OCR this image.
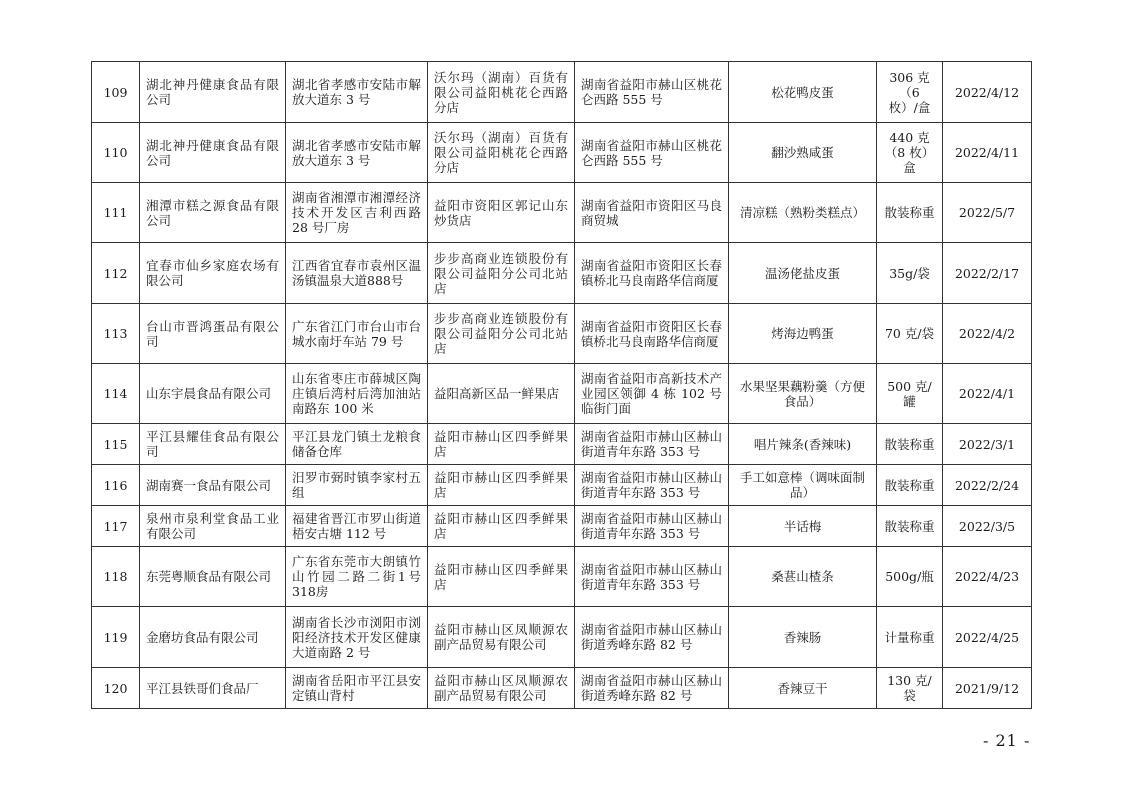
109	湖北神丹健康食品有限公司	湖北省孝感市安陆市解放大道东 3 号	沃尔玛（湖南）百货有限公司益阳桃花仑西路分店	湖南省益阳市赫山区桃花仑西路 555 号	松花鸭皮蛋	306 克（6 枚）/盒	2022/4/12
110	湖北神丹健康食品有限公司	湖北省孝感市安陆市解放大道东 3 号	沃尔玛（湖南）百货有限公司益阳桃花仑西路分店	湖南省益阳市赫山区桃花仑西路 555 号	翻沙熟咸蛋	440 克（8 枚）盒	2022/4/11
111	湘潭市糕之源食品有限公司	湖南省湘潭市湘潭经济技术开发区吉利西路 28 号厂房	益阳市资阳区郭记山东炒货店	湖南省益阳市资阳区马良商贸城	清凉糕（熟粉类糕点）	散装称重	2022/5/7
112	宜春市仙乡家庭农场有限公司	江西省宜春市袁州区温汤镇温泉大道888号	步步高商业连锁股份有限公司益阳分公司北站店	湖南省益阳市资阳区长春镇桥北马良南路华信商厦	温汤佬盐皮蛋	35g/袋	2022/2/17
113	台山市晋鸿蛋品有限公司	广东省江门市台山市台城水南圩车站 79 号	步步高商业连锁股份有限公司益阳分公司北站店	湖南省益阳市资阳区长春镇桥北马良南路华信商厦	烤海边鸭蛋	70 克/袋	2022/4/2
114	山东宇晨食品有限公司	山东省枣庄市薛城区陶庄镇后湾村后湾加油站南路东 100 米	益阳高新区品一鲜果店	湖南省益阳市高新技术产业园区领御 4 栋 102 号临街门面	水果坚果藕粉羹（方便食品）	500 克/罐	2022/4/1
115	平江县耀佳食品有限公司	平江县龙门镇土龙粮食储备仓库	益阳市赫山区四季鲜果店	湖南省益阳市赫山区赫山街道青年东路 353 号	唱片辣条(香辣味)	散装称重	2022/3/1
116	湖南赛一食品有限公司	汨罗市弼时镇李家村五组	益阳市赫山区四季鲜果店	湖南省益阳市赫山区赫山街道青年东路 353 号	手工如意棒（调味面制品）	散装称重	2022/2/24
117	泉州市泉利堂食品工业有限公司	福建省晋江市罗山街道梧安古塘 112 号	益阳市赫山区四季鲜果店	湖南省益阳市赫山区赫山街道青年东路 353 号	半话梅	散装称重	2022/3/5
118	东莞粤顺食品有限公司	广东省东莞市大朗镇竹山竹园二路二街1号318房	益阳市赫山区四季鲜果店	湖南省益阳市赫山区赫山街道青年东路 353 号	桑葚山楂条	500g/瓶	2022/4/23
119	金磨坊食品有限公司	湖南省长沙市浏阳市浏阳经济技术开发区健康大道南路 2 号	益阳市赫山区凤顺源农副产品贸易有限公司	湖南省益阳市赫山区赫山街道秀峰东路 82 号	香辣肠	计量称重	2022/4/25
120	平江县铁哥们食品厂	湖南省岳阳市平江县安定镇山背村	益阳市赫山区凤顺源农副产品贸易有限公司	湖南省益阳市赫山区赫山街道秀峰东路 82 号	香辣豆干	130 克/袋	2021/9/12
- 21 -
